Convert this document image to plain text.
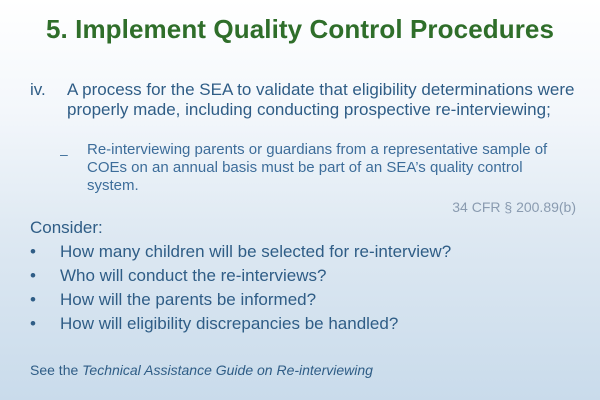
5. Implement Quality Control Procedures
iv. A process for the SEA to validate that eligibility determinations were properly made, including conducting prospective re-interviewing;
– Re-interviewing parents or guardians from a representative sample of COEs on an annual basis must be part of an SEA’s quality control system.
34 CFR § 200.89(b)
Consider:
•	How many children will be selected for re-interview?
•	Who will conduct the re-interviews?
•	How will the parents be informed?
•	How will eligibility discrepancies be handled?
See the Technical Assistance Guide on Re-interviewing
